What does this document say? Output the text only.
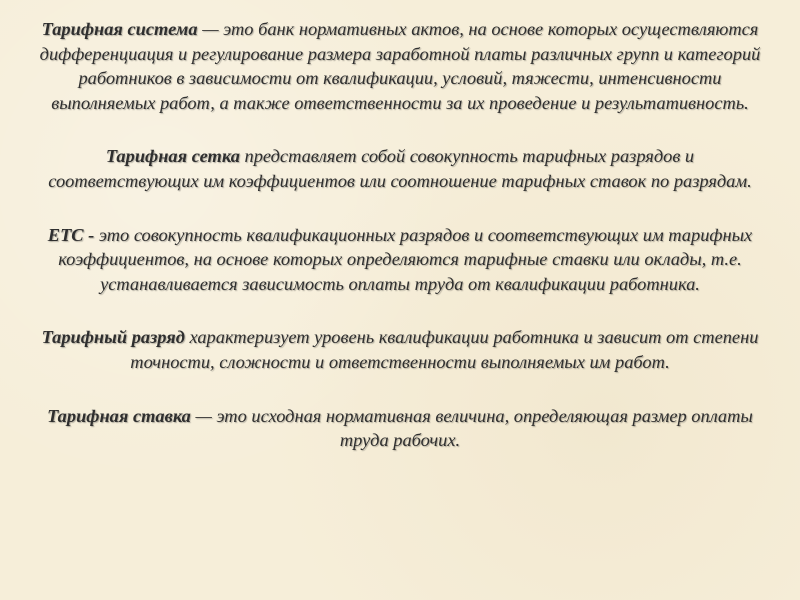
Тарифная система — это банк нормативных актов, на основе которых осуществляются дифференциация и регулирование размера заработной платы различных групп и категорий работников в зависимости от квалификации, условий, тяжести, интенсивности выполняемых работ, а также ответственности за их проведение и результативность.

Тарифная сетка представляет собой совокупность тарифных разрядов и соответствующих им коэффициентов или соотношение тарифных ставок по разрядам.

ЕТС - это совокупность квалификационных разрядов и соответствующих им тарифных коэффициентов, на основе которых определяются тарифные ставки или оклады, т.е. устанавливается зависимость оплаты труда от квалификации работника.

Тарифный разряд характеризует уровень квалификации работника и зависит от степени точности, сложности и ответственности выполняемых им работ.

Тарифная ставка — это исходная нормативная величина, определяющая размер оплаты труда рабочих.
